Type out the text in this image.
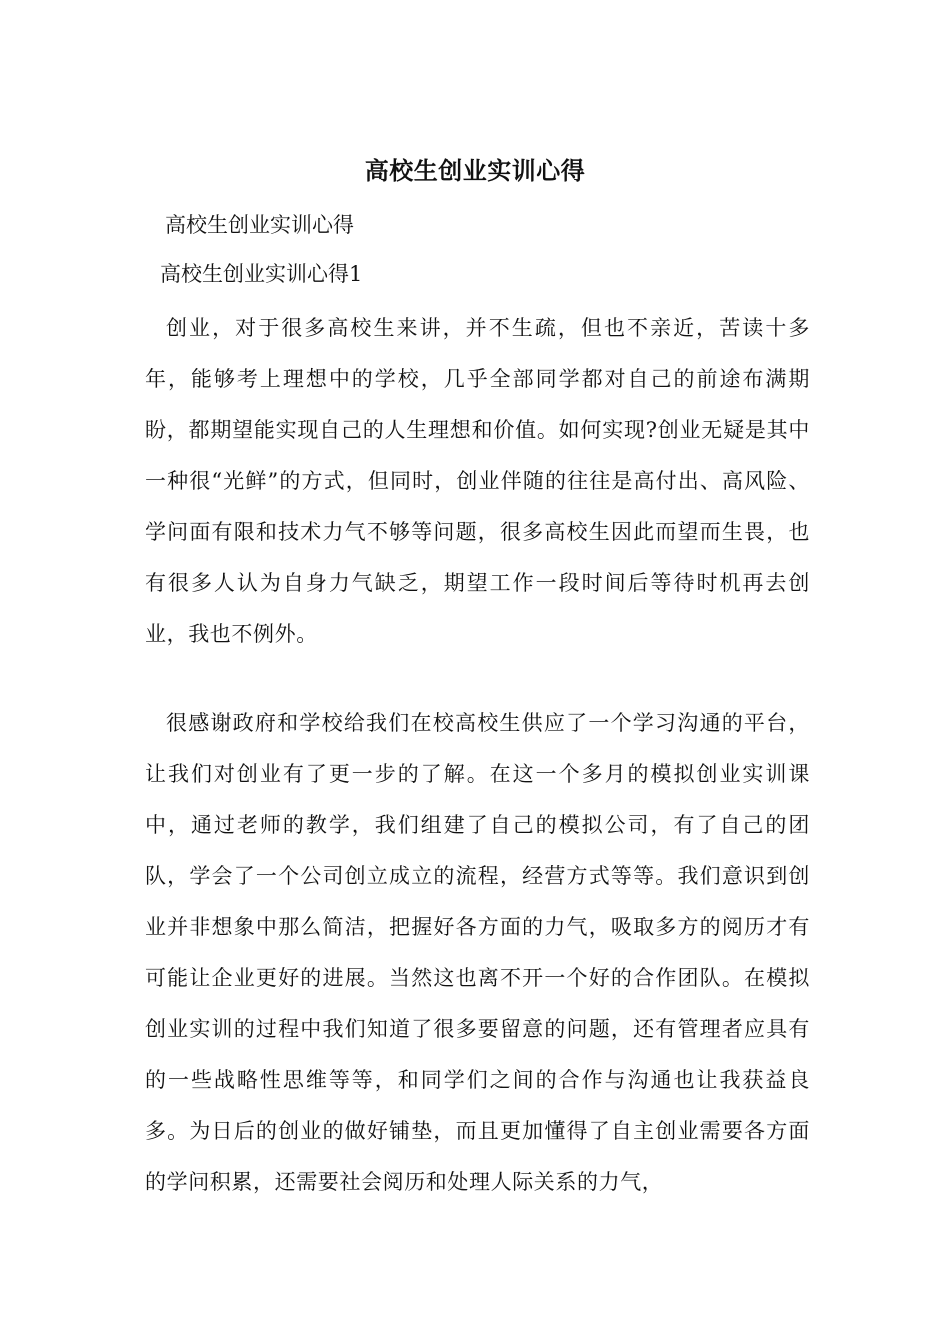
高校生创业实训心得
高校生创业实训心得
高校生创业实训心得1

创业，对于很多高校生来讲，并不生疏，但也不亲近，苦读十多年，能够考上理想中的学校，几乎全部同学都对自己的前途布满期盼，都期望能实现自己的人生理想和价值。如何实现?创业无疑是其中一种很“光鲜”的方式，但同时，创业伴随的往往是高付出、高风险、学问面有限和技术力气不够等问题，很多高校生因此而望而生畏，也有很多人认为自身力气缺乏，期望工作一段时间后等待时机再去创业，我也不例外。

很感谢政府和学校给我们在校高校生供应了一个学习沟通的平台，让我们对创业有了更一步的了解。在这一个多月的模拟创业实训课中，通过老师的教学，我们组建了自己的模拟公司，有了自己的团队，学会了一个公司创立成立的流程，经营方式等等。我们意识到创业并非想象中那么简洁，把握好各方面的力气，吸取多方的阅历才有可能让企业更好的进展。当然这也离不开一个好的合作团队。在模拟创业实训的过程中我们知道了很多要留意的问题，还有管理者应具有的一些战略性思维等等，和同学们之间的合作与沟通也让我获益良多。为日后的创业的做好铺垫，而且更加懂得了自主创业需要各方面的学问积累，还需要社会阅历和处理人际关系的力气，
